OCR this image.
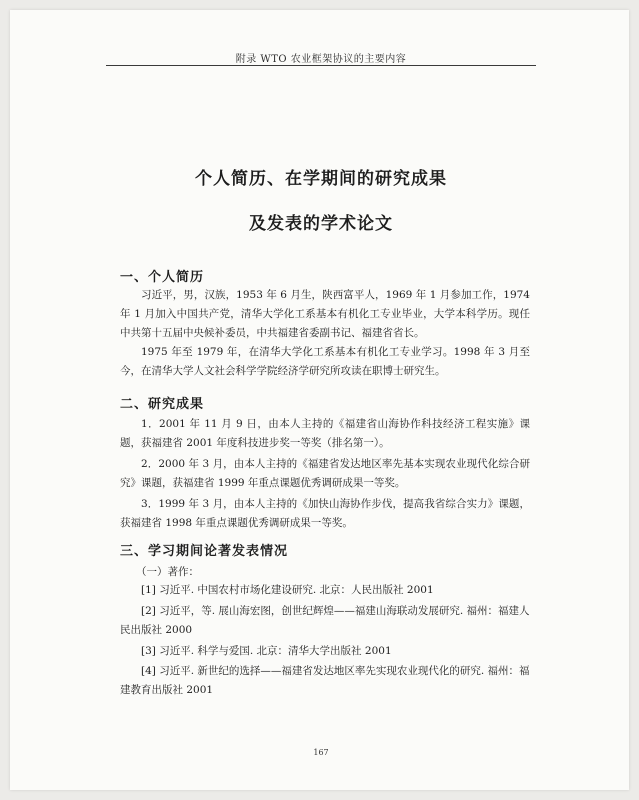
附录 WTO 农业框架协议的主要内容
个人简历、在学期间的研究成果
及发表的学术论文
一、个人简历
习近平，男，汉族，1953 年 6 月生，陕西富平人，1969 年 1 月参加工作，1974 年 1 月加入中国共产党，清华大学化工系基本有机化工专业毕业，大学本科学历。现任中共第十五届中央候补委员，中共福建省委副书记、福建省省长。
1975 年至 1979 年，在清华大学化工系基本有机化工专业学习。1998 年 3 月至今，在清华大学人文社会科学学院经济学研究所攻读在职博士研究生。
二、研究成果
1．2001 年 11 月 9 日，由本人主持的《福建省山海协作科技经济工程实施》课题，获福建省 2001 年度科技进步奖一等奖（排名第一）。
2．2000 年 3 月，由本人主持的《福建省发达地区率先基本实现农业现代化综合研究》课题，获福建省 1999 年重点课题优秀调研成果一等奖。
3．1999 年 3 月，由本人主持的《加快山海协作步伐，提高我省综合实力》课题，获福建省 1998 年重点课题优秀调研成果一等奖。
三、学习期间论著发表情况
（一）著作：
[1] 习近平. 中国农村市场化建设研究. 北京：人民出版社 2001
[2] 习近平，等. 展山海宏图，创世纪辉煌——福建山海联动发展研究. 福州：福建人民出版社 2000
[3] 习近平. 科学与爱国. 北京：清华大学出版社 2001
[4] 习近平. 新世纪的选择——福建省发达地区率先实现农业现代化的研究. 福州：福建教育出版社 2001
167
